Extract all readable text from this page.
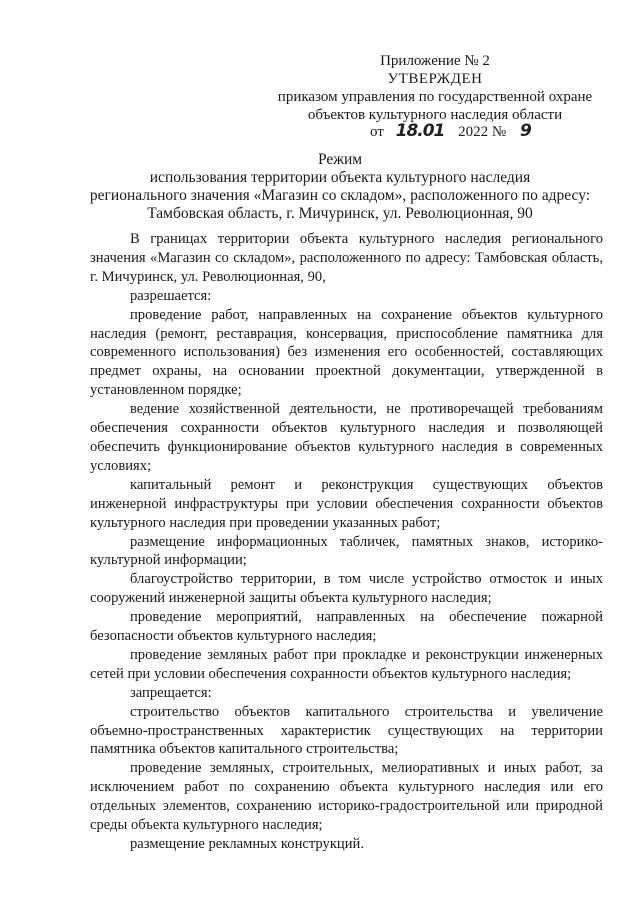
Приложение № 2
УТВЕРЖДЕН
приказом управления по государственной охране
объектов культурного наследия области
от 18.01 2022 № 9
Режим
использования территории объекта культурного наследия
регионального значения «Магазин со складом», расположенного по адресу:
Тамбовская область, г. Мичуринск, ул. Революционная, 90

В границах территории объекта культурного наследия регионального значения «Магазин со складом», расположенного по адресу: Тамбовская область, г. Мичуринск, ул. Революционная, 90,

разрешается:

проведение работ, направленных на сохранение объектов культурного наследия (ремонт, реставрация, консервация, приспособление памятника для современного использования) без изменения его особенностей, составляющих предмет охраны, на основании проектной документации, утвержденной в установленном порядке;

ведение хозяйственной деятельности, не противоречащей требованиям обеспечения сохранности объектов культурного наследия и позволяющей обеспечить функционирование объектов культурного наследия в современных условиях;

капитальный ремонт и реконструкция существующих объектов инженерной инфраструктуры при условии обеспечения сохранности объектов культурного наследия при проведении указанных работ;

размещение информационных табличек, памятных знаков, историко-культурной информации;

благоустройство территории, в том числе устройство отмосток и иных сооружений инженерной защиты объекта культурного наследия;

проведение мероприятий, направленных на обеспечение пожарной безопасности объектов культурного наследия;

проведение земляных работ при прокладке и реконструкции инженерных сетей при условии обеспечения сохранности объектов культурного наследия;

запрещается:

строительство объектов капитального строительства и увеличение объемно-пространственных характеристик существующих на территории памятника объектов капитального строительства;

проведение земляных, строительных, мелиоративных и иных работ, за исключением работ по сохранению объекта культурного наследия или его отдельных элементов, сохранению историко-градостроительной или природной среды объекта культурного наследия;

размещение рекламных конструкций.
